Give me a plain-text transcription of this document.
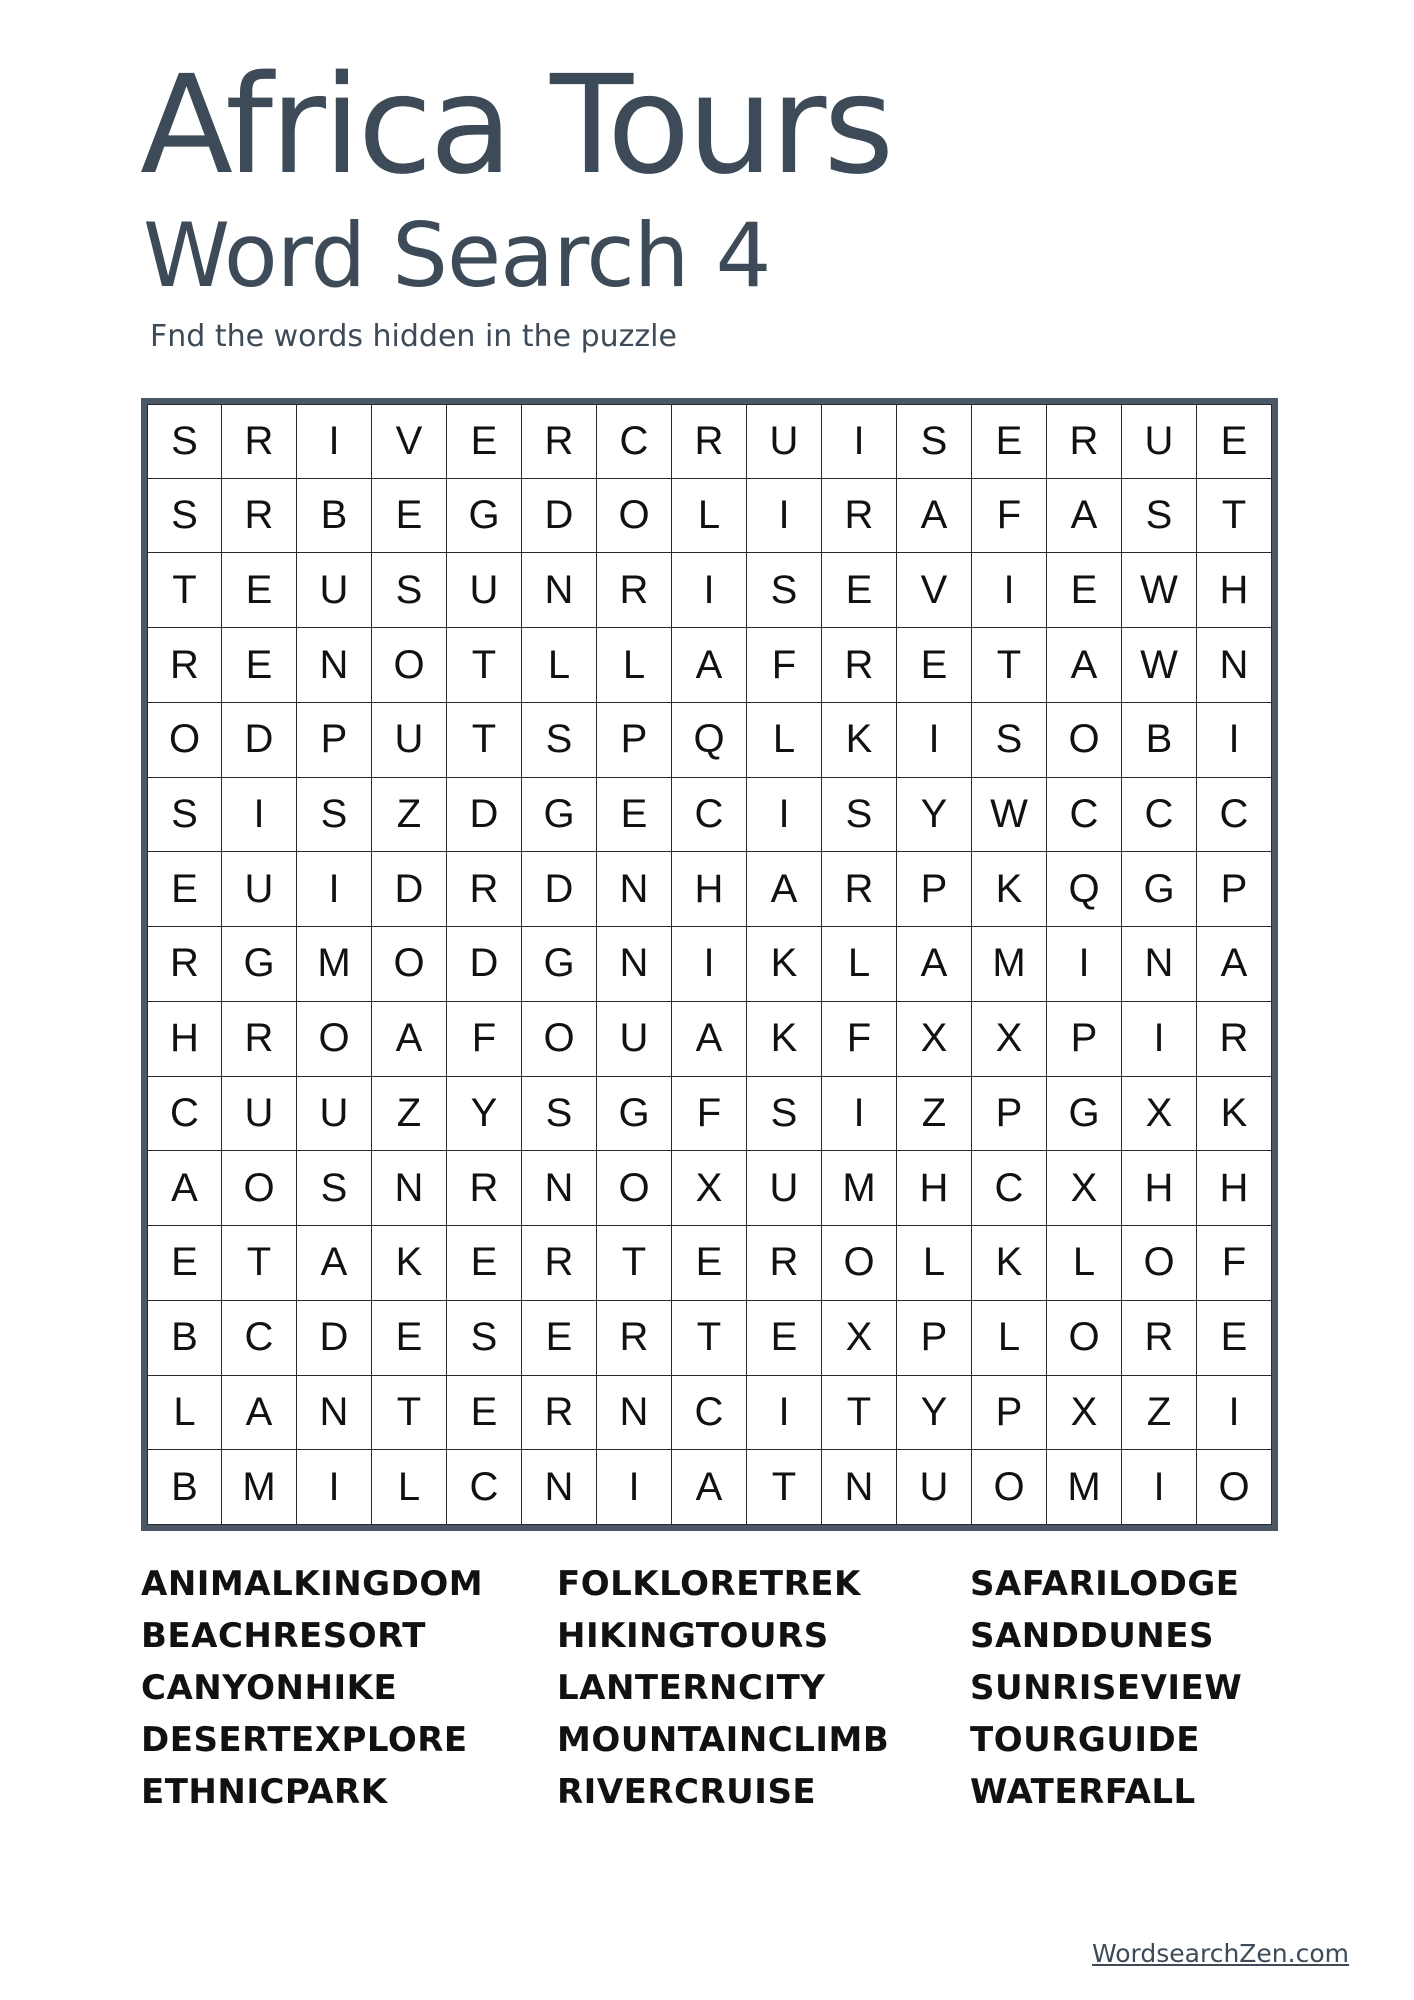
Africa Tours
Word Search 4

Fnd the words hidden in the puzzle

S	R	I	V	E	R	C	R	U	I	S	E	R	U	E
S	R	B	E	G	D	O	L	I	R	A	F	A	S	T
T	E	U	S	U	N	R	I	S	E	V	I	E	W	H
R	E	N	O	T	L	L	A	F	R	E	T	A	W	N
O	D	P	U	T	S	P	Q	L	K	I	S	O	B	I
S	I	S	Z	D	G	E	C	I	S	Y	W	C	C	C
E	U	I	D	R	D	N	H	A	R	P	K	Q	G	P
R	G	M	O	D	G	N	I	K	L	A	M	I	N	A
H	R	O	A	F	O	U	A	K	F	X	X	P	I	R
C	U	U	Z	Y	S	G	F	S	I	Z	P	G	X	K
A	O	S	N	R	N	O	X	U	M	H	C	X	H	H
E	T	A	K	E	R	T	E	R	O	L	K	L	O	F
B	C	D	E	S	E	R	T	E	X	P	L	O	R	E
L	A	N	T	E	R	N	C	I	T	Y	P	X	Z	I
B	M	I	L	C	N	I	A	T	N	U	O	M	I	O
ANIMALKINGDOM
BEACHRESORT
CANYONHIKE
DESERTEXPLORE
ETHNICPARK
FOLKLORETREK
HIKINGTOURS
LANTERNCITY
MOUNTAINCLIMB
RIVERCRUISE
SAFARILODGE
SANDDUNES
SUNRISEVIEW
TOURGUIDE
WATERFALL
WordsearchZen.com
